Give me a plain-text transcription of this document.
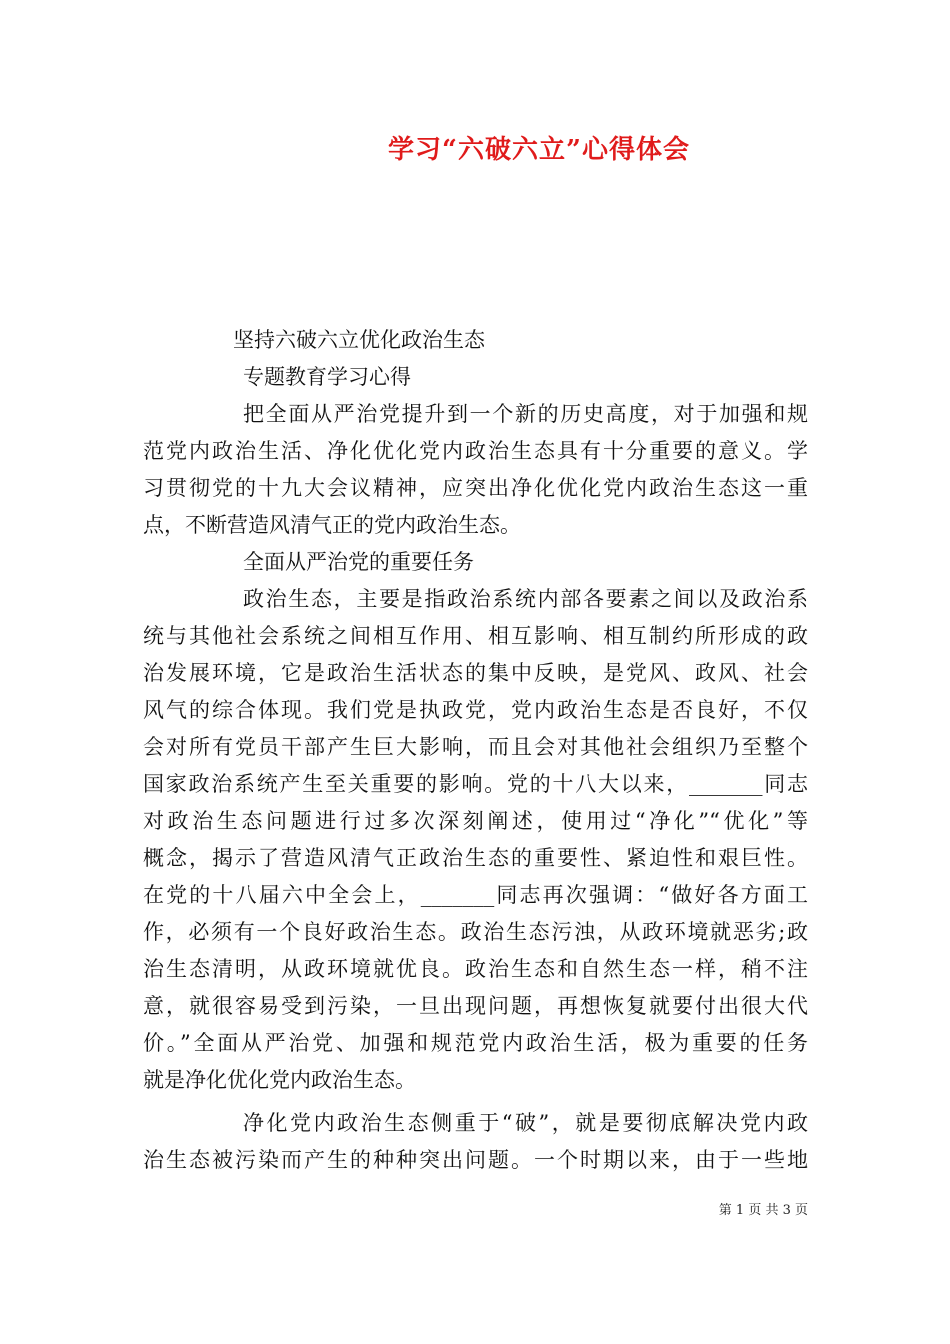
学习“六破六立”心得体会
坚持六破六立优化政治生态
专题教育学习心得
把全面从严治党提升到一个新的历史高度，对于加强和规
范党内政治生活、净化优化党内政治生态具有十分重要的意义。学
习贯彻党的十九大会议精神，应突出净化优化党内政治生态这一重
点，不断营造风清气正的党内政治生态。
全面从严治党的重要任务
政治生态，主要是指政治系统内部各要素之间以及政治系
统与其他社会系统之间相互作用、相互影响、相互制约所形成的政
治发展环境，它是政治生活状态的集中反映，是党风、政风、社会
风气的综合体现。我们党是执政党，党内政治生态是否良好，不仅
会对所有党员干部产生巨大影响，而且会对其他社会组织乃至整个
国家政治系统产生至关重要的影响。党的十八大以来，_______同志
对政治生态问题进行过多次深刻阐述，使用过“净化”“优化”等
概念，揭示了营造风清气正政治生态的重要性、紧迫性和艰巨性。
在党的十八届六中全会上，_______同志再次强调：“做好各方面工
作，必须有一个良好政治生态。政治生态污浊，从政环境就恶劣;政
治生态清明，从政环境就优良。政治生态和自然生态一样，稍不注
意，就很容易受到污染，一旦出现问题，再想恢复就要付出很大代
价。”全面从严治党、加强和规范党内政治生活，极为重要的任务
就是净化优化党内政治生态。
净化党内政治生态侧重于“破”，就是要彻底解决党内政
治生态被污染而产生的种种突出问题。一个时期以来，由于一些地
第 1 页 共 3 页
